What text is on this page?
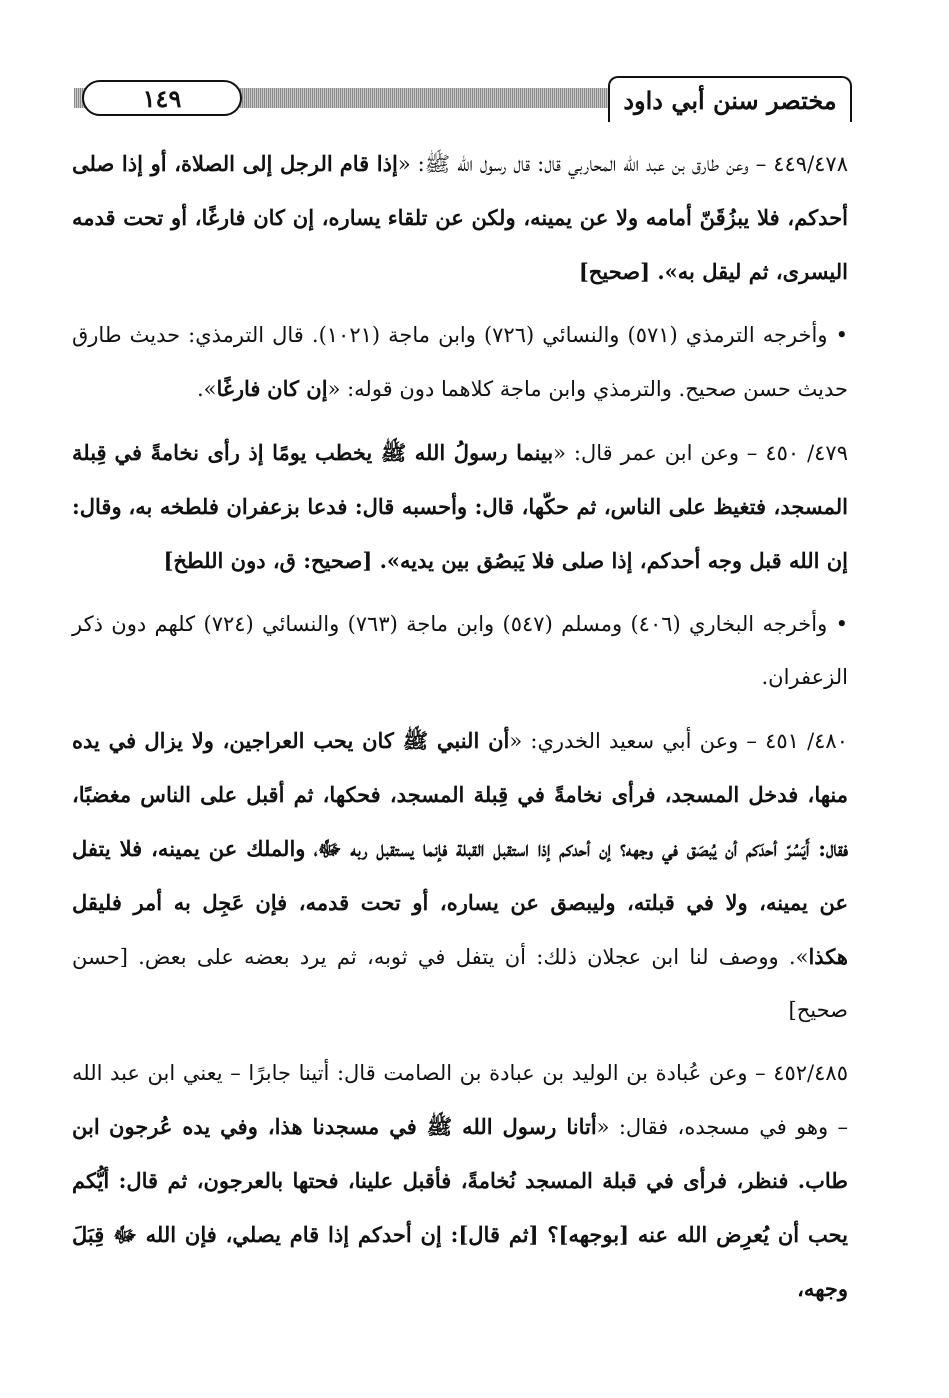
١٤٩	مختصر سنن أبي داود

٤٤٩/٤٧٨ – وعن طارق بن عبد الله المحاربي قال: قال رسول الله ﷺ: «إذا قام الرجل إلى الصلاة، أو إذا صلى أحدكم، فلا يبزُقَنّ أمامه ولا عن يمينه، ولكن عن تلقاء يساره، إن كان فارغًا، أو تحت قدمه اليسرى، ثم ليقل به». [صحيح]

• وأخرجه الترمذي (٥٧١) والنسائي (٧٢٦) وابن ماجة (١٠٢١). قال الترمذي: حديث طارق حديث حسن صحيح. والترمذي وابن ماجة كلاهما دون قوله: «إن كان فارغًا».

٤٧٩/ ٤٥٠ – وعن ابن عمر قال: «بينما رسولُ الله ﷺ يخطب يومًا إذ رأى نخامةً في قِبلة المسجد، فتغيظ على الناس، ثم حكّها، قال: وأحسبه قال: فدعا بزعفران فلطخه به، وقال: إن الله قبل وجه أحدكم، إذا صلى فلا يَبصُق بين يديه». [صحيح: ق، دون اللطخ]

• وأخرجه البخاري (٤٠٦) ومسلم (٥٤٧) وابن ماجة (٧٦٣) والنسائي (٧٢٤) كلهم دون ذكر الزعفران.

٤٨٠/ ٤٥١ – وعن أبي سعيد الخدري: «أن النبي ﷺ كان يحب العراجين، ولا يزال في يده منها، فدخل المسجد، فرأى نخامةً في قِبلة المسجد، فحكها، ثم أقبل على الناس مغضبًا، فقال: أَيَسُرّ أحدَكم أن يُبصَق في وجهه؟ إن أحدكم إذا استقبل القبلة فإنما يستقبل ربه ﷻ، والملك عن يمينه، فلا يتفل عن يمينه، ولا في قبلته، وليبصق عن يساره، أو تحت قدمه، فإن عَجِل به أمر فليقل هكذا». ووصف لنا ابن عجلان ذلك: أن يتفل في ثوبه، ثم يرد بعضه على بعض. [حسن صحيح]

٤٥٢/٤٨٥ – وعن عُبادة بن الوليد بن عبادة بن الصامت قال: أتينا جابرًا – يعني ابن عبد الله – وهو في مسجده، فقال: «أتانا رسول الله ﷺ في مسجدنا هذا، وفي يده عُرجون ابن طاب. فنظر، فرأى في قبلة المسجد نُخامةً، فأقبل علينا، فحتها بالعرجون، ثم قال: أيُّكم يحب أن يُعرِض الله عنه [بوجهه]؟ [ثم قال]: إن أحدكم إذا قام يصلي، فإن الله ﷻ قِبَلَ وجهه،
